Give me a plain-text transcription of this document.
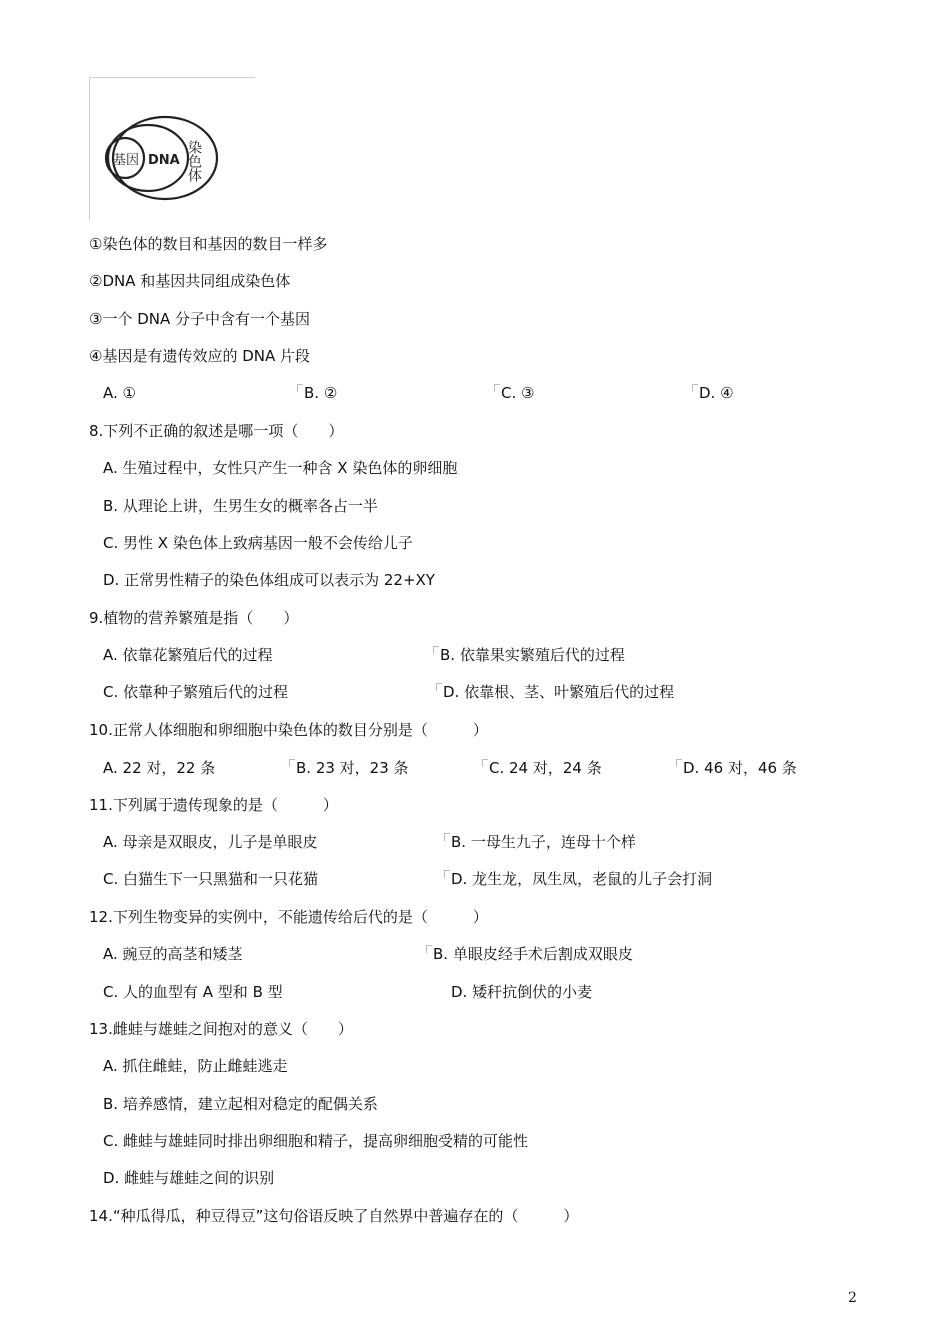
基因 DNA 染色体
①染色体的数目和基因的数目一样多
②DNA 和基因共同组成染色体
③一个 DNA 分子中含有一个基因
④基因是有遗传效应的 DNA 片段
A. ①	B. ②	C. ③	D. ④
8.下列不正确的叙述是哪一项（　　）
A. 生殖过程中，女性只产生一种含 X 染色体的卵细胞
B. 从理论上讲，生男生女的概率各占一半
C. 男性 X 染色体上致病基因一般不会传给儿子
D. 正常男性精子的染色体组成可以表示为 22+XY
9.植物的营养繁殖是指（　　）
A. 依靠花繁殖后代的过程	B. 依靠果实繁殖后代的过程
C. 依靠种子繁殖后代的过程	D. 依靠根、茎、叶繁殖后代的过程
10.正常人体细胞和卵细胞中染色体的数目分别是（　　　）
A. 22 对，22 条	B. 23 对，23 条	C. 24 对，24 条	D. 46 对，46 条
11.下列属于遗传现象的是（　　　）
A. 母亲是双眼皮，儿子是单眼皮	B. 一母生九子，连母十个样
C. 白猫生下一只黑猫和一只花猫	D. 龙生龙，凤生凤，老鼠的儿子会打洞
12.下列生物变异的实例中，不能遗传给后代的是（　　　）
A. 豌豆的高茎和矮茎	B. 单眼皮经手术后割成双眼皮
C. 人的血型有 A 型和 B 型	D. 矮秆抗倒伏的小麦
13.雌蛙与雄蛙之间抱对的意义（　　）
A. 抓住雌蛙，防止雌蛙逃走
B. 培养感情，建立起相对稳定的配偶关系
C. 雌蛙与雄蛙同时排出卵细胞和精子，提高卵细胞受精的可能性
D. 雌蛙与雄蛙之间的识别
14.“种瓜得瓜，种豆得豆”这句俗语反映了自然界中普遍存在的（　　　）
2
